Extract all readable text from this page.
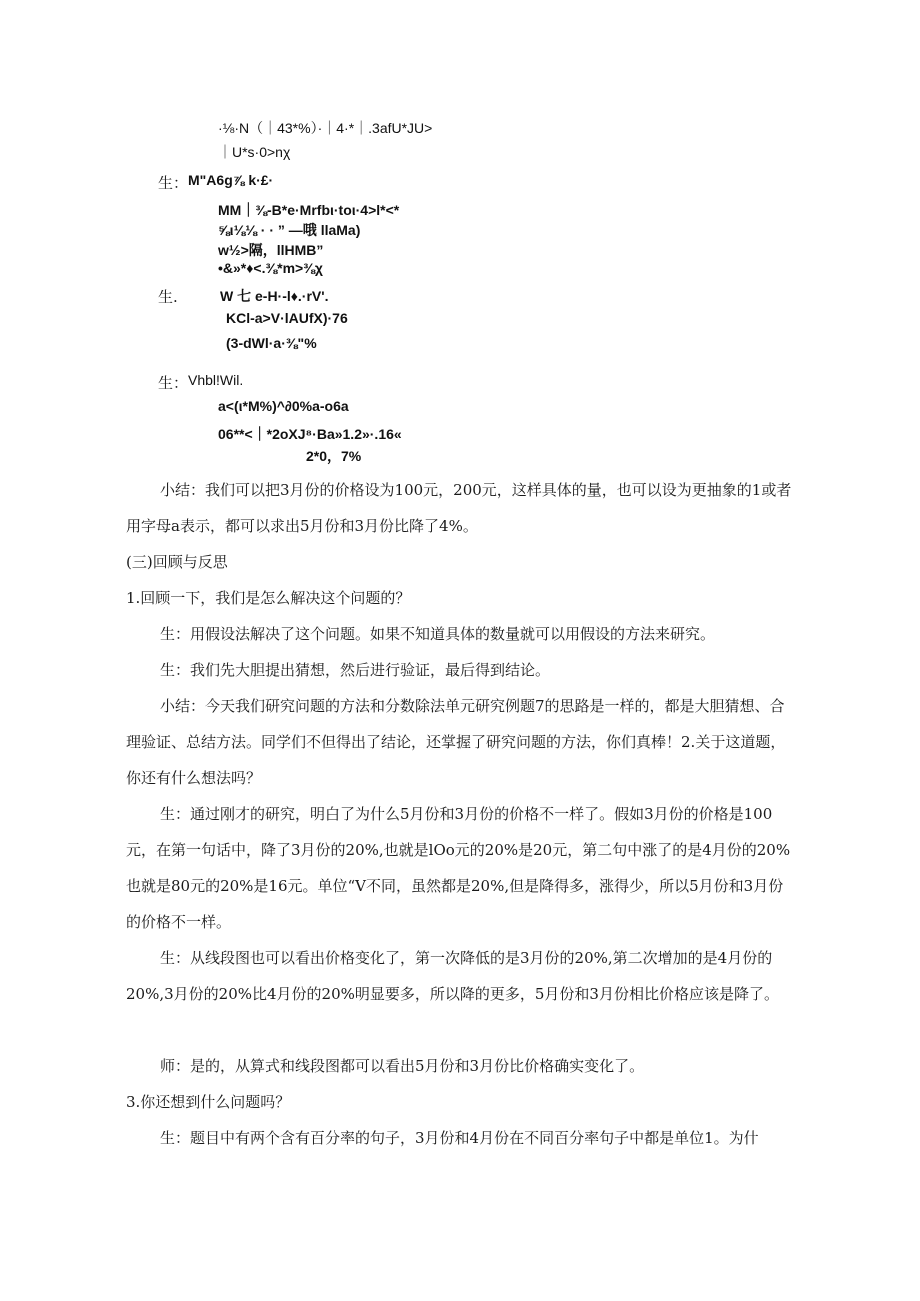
·⅛·N（｜43*%）·｜4·*｜.3afU*JU>
｜U*s·0>nχ
生： M"A6g⅞ k·£·
MM｜⅜-B*e·Mrfbι·toι·4>l*<*
⅝ι⅛⅛ · · ” —哦 llaMa)
w½>隔，llHMB”
•&»*♦<.⅜*m>⅜χ
生.	W 七 e-H·-l♦.·rV'.
KCl-a>V·lAUfX)·76
(3-dWl·a·⅜"%
生： Vhbl!Wil.
a<(ι*M%)^∂0%a-o6a
06**<｜*2oXJ⁸·Ba»1.2»·.16«
2*0，7%
小结：我们可以把3月份的价格设为100元，200元，这样具体的量，也可以设为更抽象的1或者用字母a表示，都可以求出5月份和3月份比降了4%。
(三)回顾与反思
1.回顾一下，我们是怎么解决这个问题的？
生：用假设法解决了这个问题。如果不知道具体的数量就可以用假设的方法来研究。
生：我们先大胆提出猜想，然后进行验证，最后得到结论。
小结：今天我们研究问题的方法和分数除法单元研究例题7的思路是一样的，都是大胆猜想、合理验证、总结方法。同学们不但得出了结论，还掌握了研究问题的方法，你们真棒！2.关于这道题，你还有什么想法吗？
生：通过刚才的研究，明白了为什么5月份和3月份的价格不一样了。假如3月份的价格是100元，在第一句话中，降了3月份的20%,也就是lOo元的20%是20元，第二句中涨了的是4月份的20%也就是80元的20%是16元。单位“V不同，虽然都是20%,但是降得多，涨得少，所以5月份和3月份的价格不一样。
生：从线段图也可以看出价格变化了，第一次降低的是3月份的20%,第二次增加的是4月份的20%,3月份的20%比4月份的20%明显要多，所以降的更多，5月份和3月份相比价格应该是降了。
师：是的，从算式和线段图都可以看出5月份和3月份比价格确实变化了。
3.你还想到什么问题吗？
生：题目中有两个含有百分率的句子，3月份和4月份在不同百分率句子中都是单位1。为什
